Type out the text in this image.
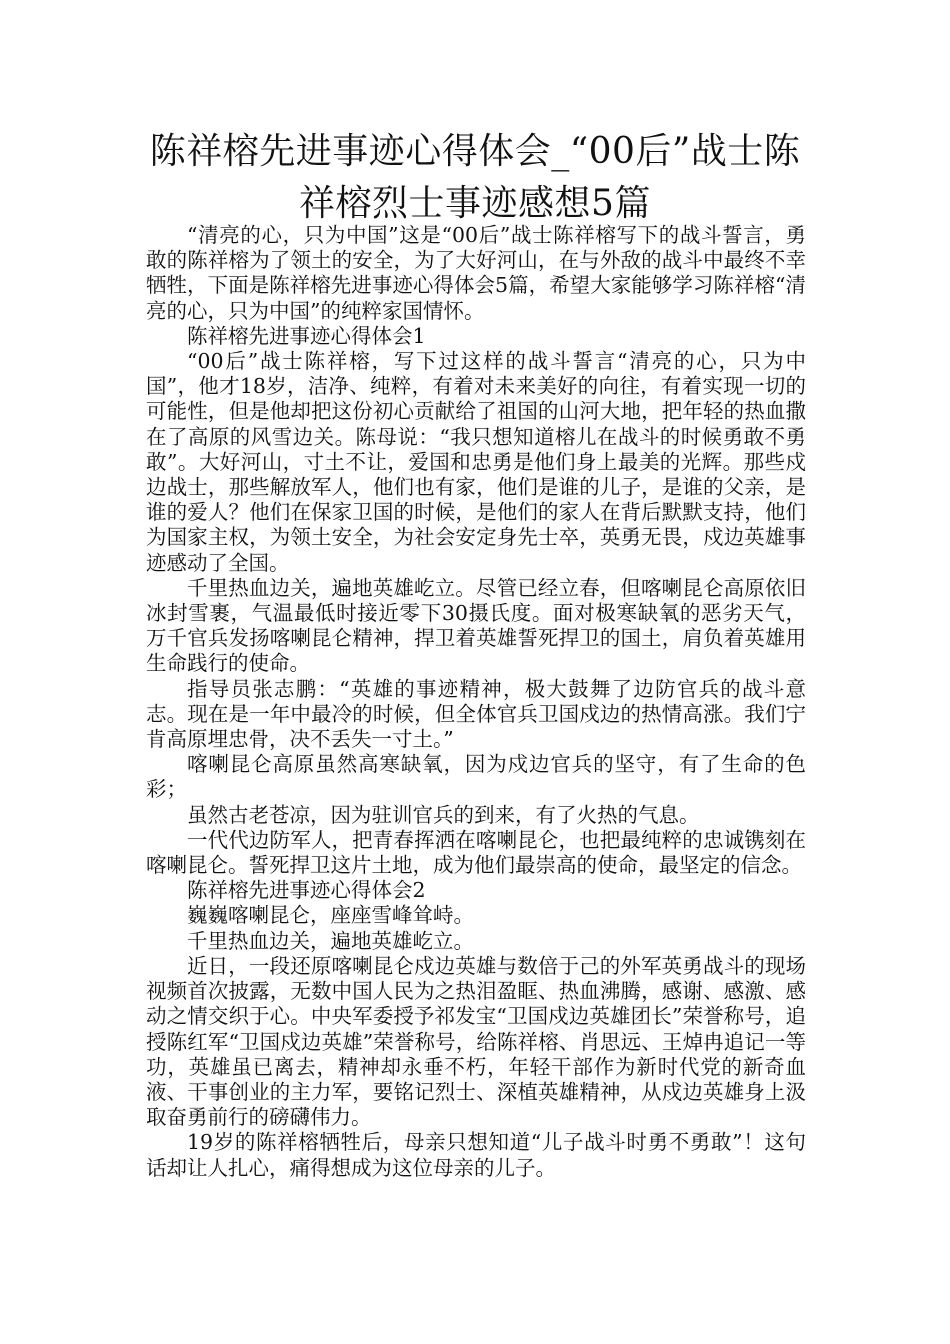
陈祥榕先进事迹心得体会_“00后”战士陈祥榕烈士事迹感想5篇

“清亮的心，只为中国”这是“00后”战士陈祥榕写下的战斗誓言，勇敢的陈祥榕为了领土的安全，为了大好河山，在与外敌的战斗中最终不幸牺牲，下面是陈祥榕先进事迹心得体会5篇，希望大家能够学习陈祥榕“清亮的心，只为中国”的纯粹家国情怀。

陈祥榕先进事迹心得体会1

“00后”战士陈祥榕，写下过这样的战斗誓言“清亮的心，只为中国”，他才18岁，洁净、纯粹，有着对未来美好的向往，有着实现一切的可能性，但是他却把这份初心贡献给了祖国的山河大地，把年轻的热血撒在了高原的风雪边关。陈母说：“我只想知道榕儿在战斗的时候勇敢不勇敢”。大好河山，寸土不让，爱国和忠勇是他们身上最美的光辉。那些戍边战士，那些解放军人，他们也有家，他们是谁的儿子，是谁的父亲，是谁的爱人？他们在保家卫国的时候，是他们的家人在背后默默支持，他们为国家主权，为领土安全，为社会安定身先士卒，英勇无畏，戍边英雄事迹感动了全国。

千里热血边关，遍地英雄屹立。尽管已经立春，但喀喇昆仑高原依旧冰封雪裹，气温最低时接近零下30摄氏度。面对极寒缺氧的恶劣天气，万千官兵发扬喀喇昆仑精神，捍卫着英雄誓死捍卫的国土，肩负着英雄用生命践行的使命。

指导员张志鹏：“英雄的事迹精神，极大鼓舞了边防官兵的战斗意志。现在是一年中最冷的时候，但全体官兵卫国戍边的热情高涨。我们宁肯高原埋忠骨，决不丢失一寸土。”

喀喇昆仑高原虽然高寒缺氧，因为戍边官兵的坚守，有了生命的色彩；

虽然古老苍凉，因为驻训官兵的到来，有了火热的气息。

一代代边防军人，把青春挥洒在喀喇昆仑，也把最纯粹的忠诚镌刻在喀喇昆仑。誓死捍卫这片土地，成为他们最崇高的使命，最坚定的信念。

陈祥榕先进事迹心得体会2

巍巍喀喇昆仑，座座雪峰耸峙。

千里热血边关，遍地英雄屹立。

近日，一段还原喀喇昆仑戍边英雄与数倍于己的外军英勇战斗的现场视频首次披露，无数中国人民为之热泪盈眶、热血沸腾，感谢、感激、感动之情交织于心。中央军委授予祁发宝“卫国戍边英雄团长”荣誉称号，追授陈红军“卫国戍边英雄”荣誉称号，给陈祥榕、肖思远、王焯冉追记一等功，英雄虽已离去，精神却永垂不朽，年轻干部作为新时代党的新奇血液、干事创业的主力军，要铭记烈士、深植英雄精神，从戍边英雄身上汲取奋勇前行的磅礴伟力。

19岁的陈祥榕牺牲后，母亲只想知道“儿子战斗时勇不勇敢”！这句话却让人扎心，痛得想成为这位母亲的儿子。
